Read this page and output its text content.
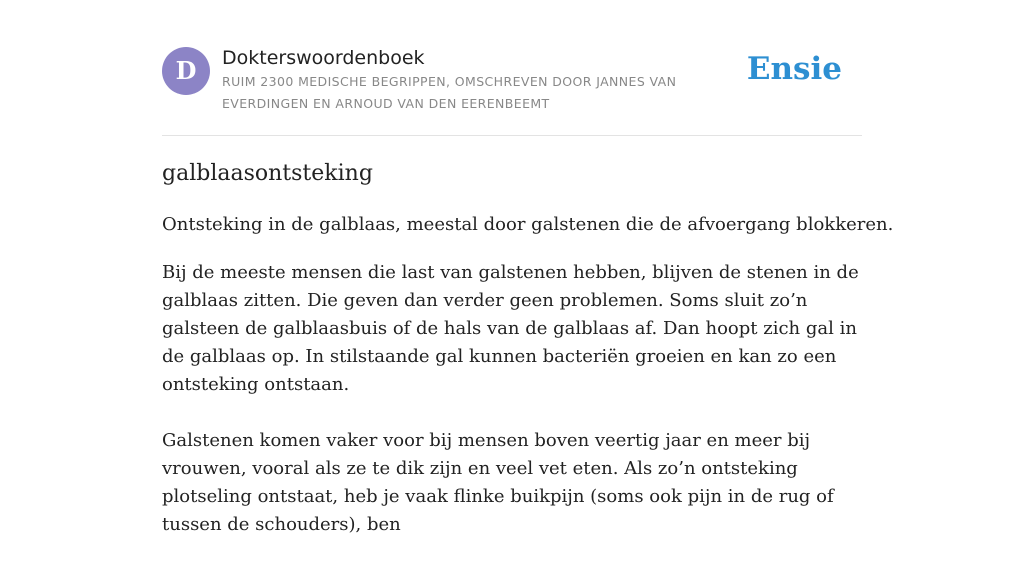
D	Dokterswoordenboek
RUIM 2300 MEDISCHE BEGRIPPEN, OMSCHREVEN DOOR JANNES VAN EVERDINGEN EN ARNOUD VAN DEN EERENBEEMT
Ensie
galblaasontsteking

Ontsteking in de galblaas, meestal door galstenen die de afvoergang blokkeren.

Bij de meeste mensen die last van galstenen hebben, blijven de stenen in de galblaas zitten. Die geven dan verder geen problemen. Soms sluit zo’n galsteen de galblaasbuis of de hals van de galblaas af. Dan hoopt zich gal in de galblaas op. In stilstaande gal kunnen bacteriën groeien en kan zo een ontsteking ontstaan.

Galstenen komen vaker voor bij mensen boven veertig jaar en meer bij vrouwen, vooral als ze te dik zijn en veel vet eten. Als zo’n ontsteking plotseling ontstaat, heb je vaak flinke buikpijn (soms ook pijn in de rug of tussen de schouders), ben
